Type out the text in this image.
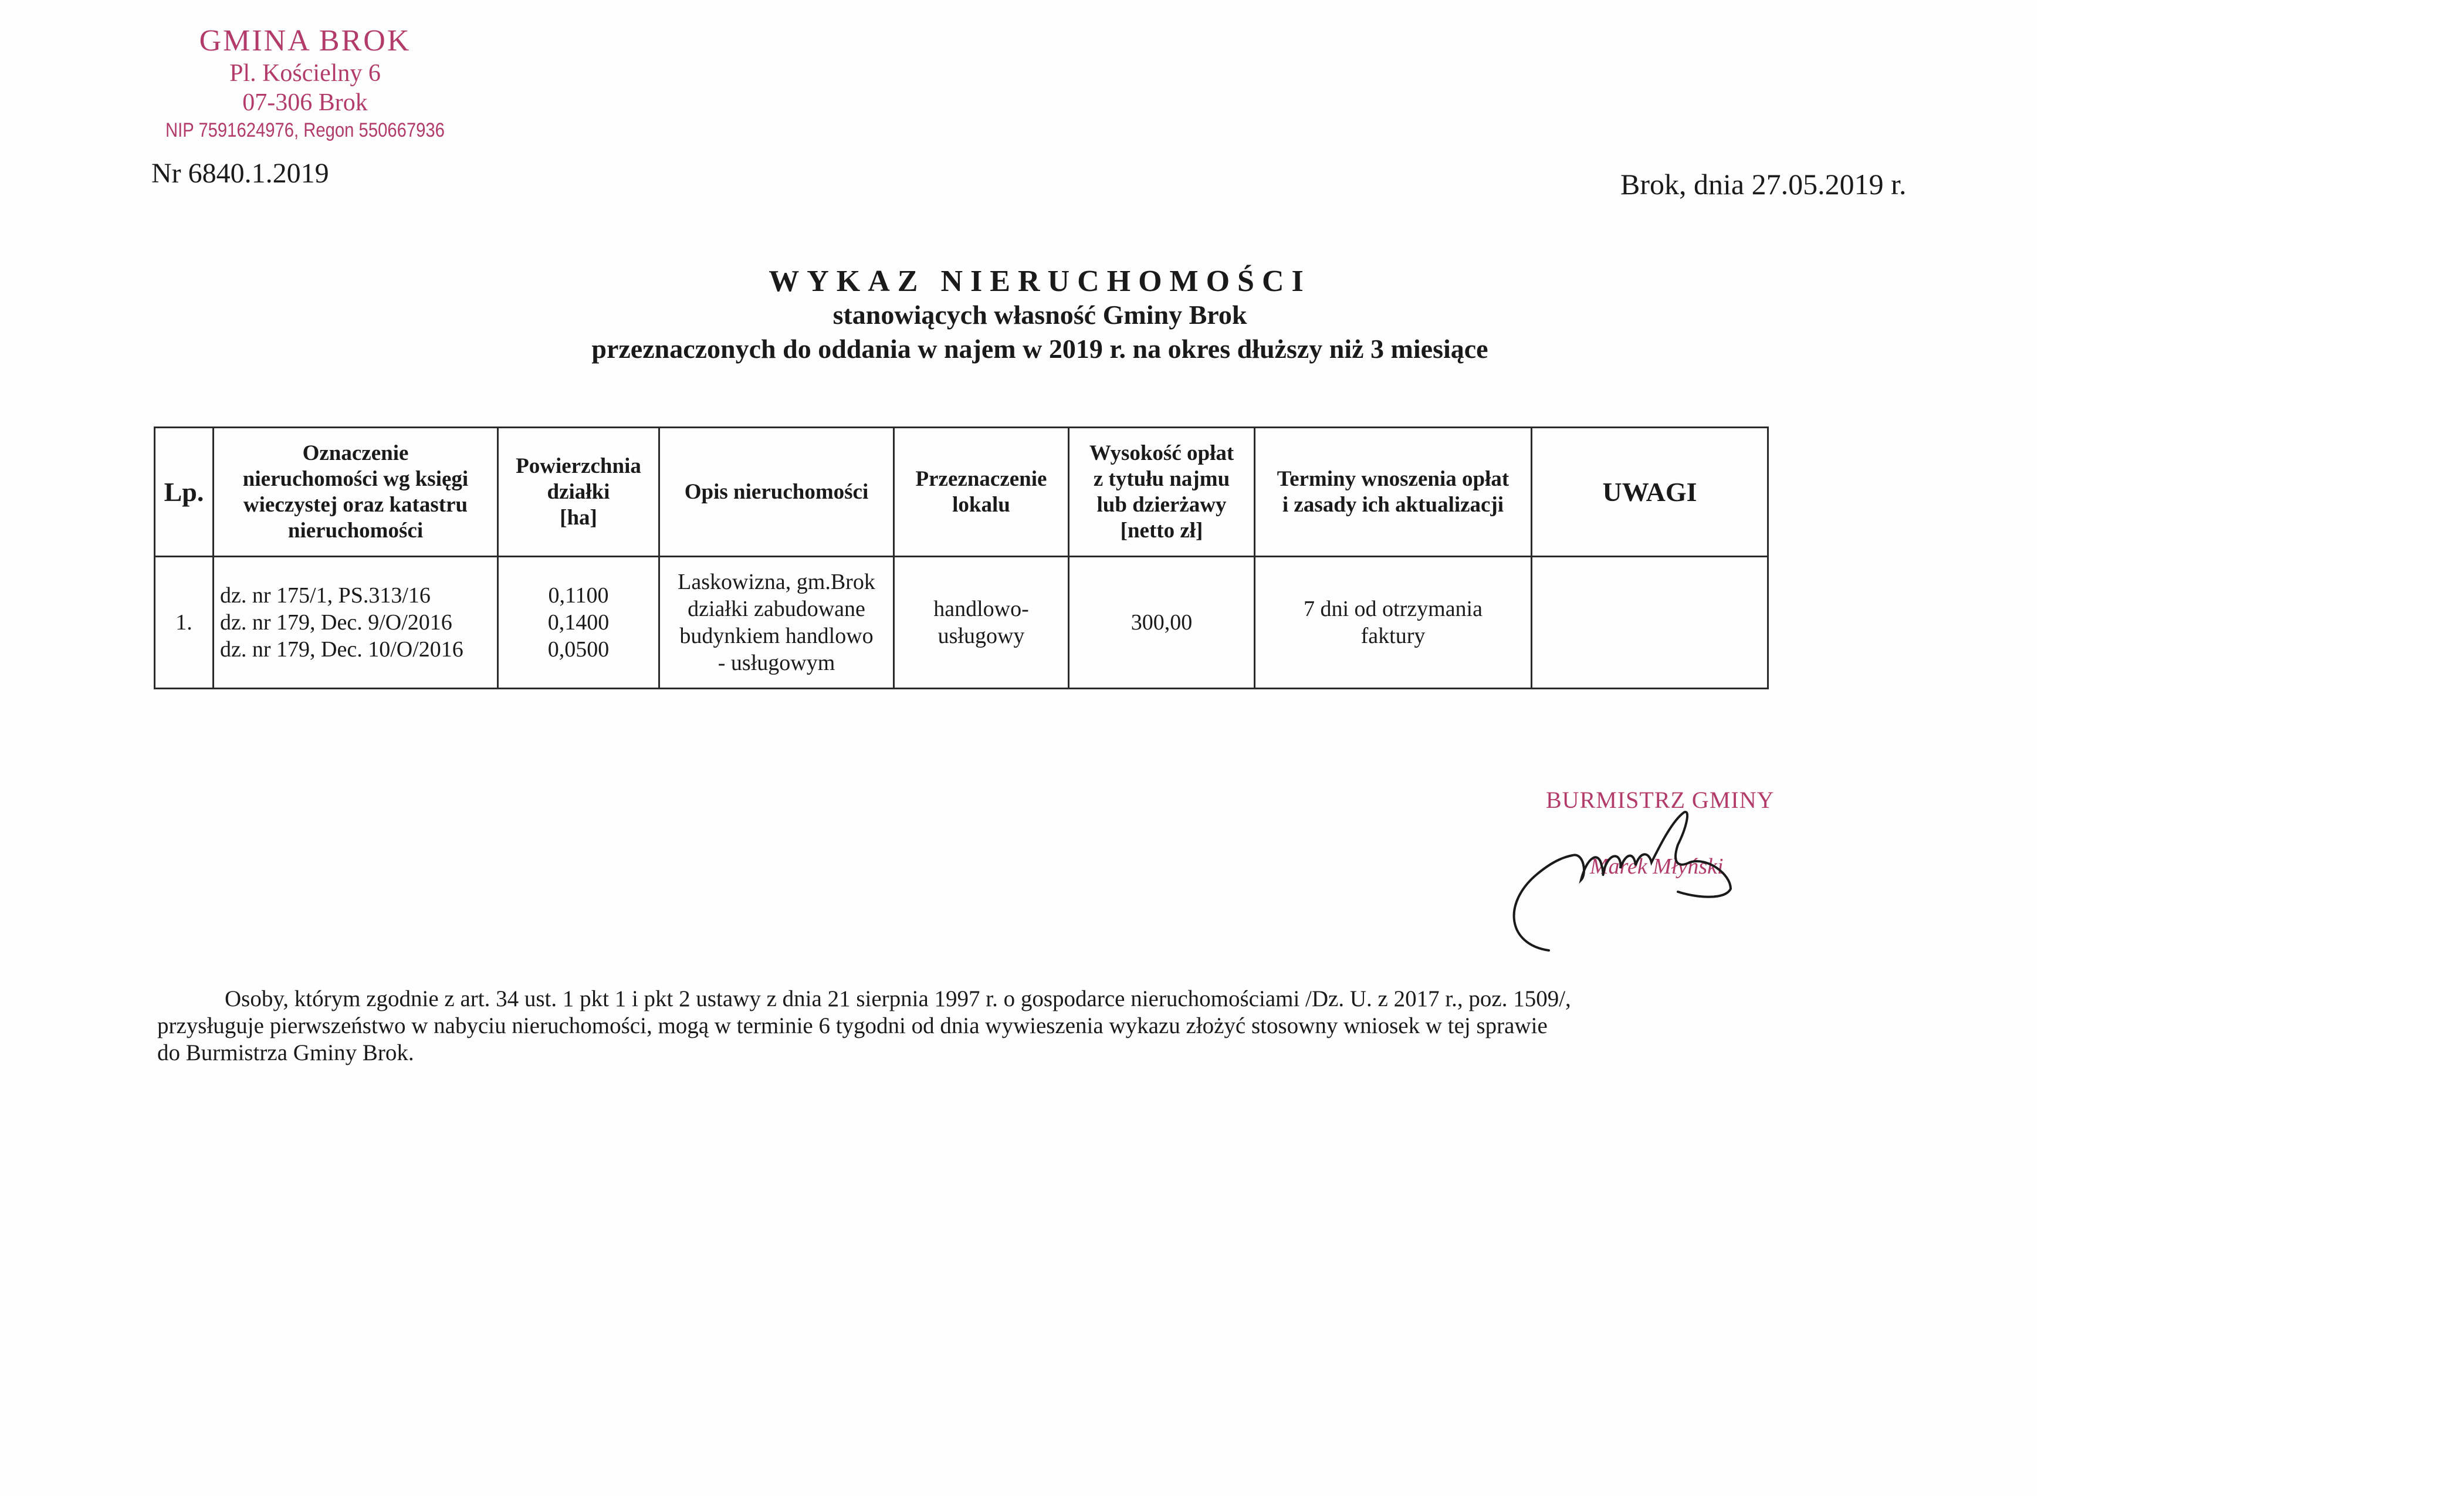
GMINA BROK
Pl. Kościelny 6
07-306 Brok
NIP 7591624976, Regon 550667936
Nr 6840.1.2019	Brok, dnia 27.05.2019 r.
WYKAZ NIERUCHOMOŚCI
stanowiących własność Gminy Brok
przeznaczonych do oddania w najem w 2019 r. na okres dłuższy niż 3 miesiące
Lp.	Oznaczenie
nieruchomości wg księgi
wieczystej oraz katastru
nieruchomości	Powierzchnia
działki
[ha]	Opis nieruchomości	Przeznaczenie
lokalu	Wysokość opłat
z tytułu najmu
lub dzierżawy
[netto zł]	Terminy wnoszenia opłat
i zasady ich aktualizacji	UWAGI
1.	dz. nr 175/1, PS.313/16
dz. nr 179, Dec. 9/O/2016
dz. nr 179, Dec. 10/O/2016	0,1100
0,1400
0,0500	Laskowizna, gm.Brok
działki zabudowane
budynkiem handlowo
- usługowym	handlowo-
usługowy	300,00	7 dni od otrzymania
faktury	

BURMISTRZ GMINY
Marek Młyński
Osoby, którym zgodnie z art. 34 ust. 1 pkt 1 i pkt 2 ustawy z dnia 21 sierpnia 1997 r. o gospodarce nieruchomościami /Dz. U. z 2017 r., poz. 1509/,
przysługuje pierwszeństwo w nabyciu nieruchomości, mogą w terminie 6 tygodni od dnia wywieszenia wykazu złożyć stosowny wniosek w tej sprawie
do Burmistrza Gminy Brok.
